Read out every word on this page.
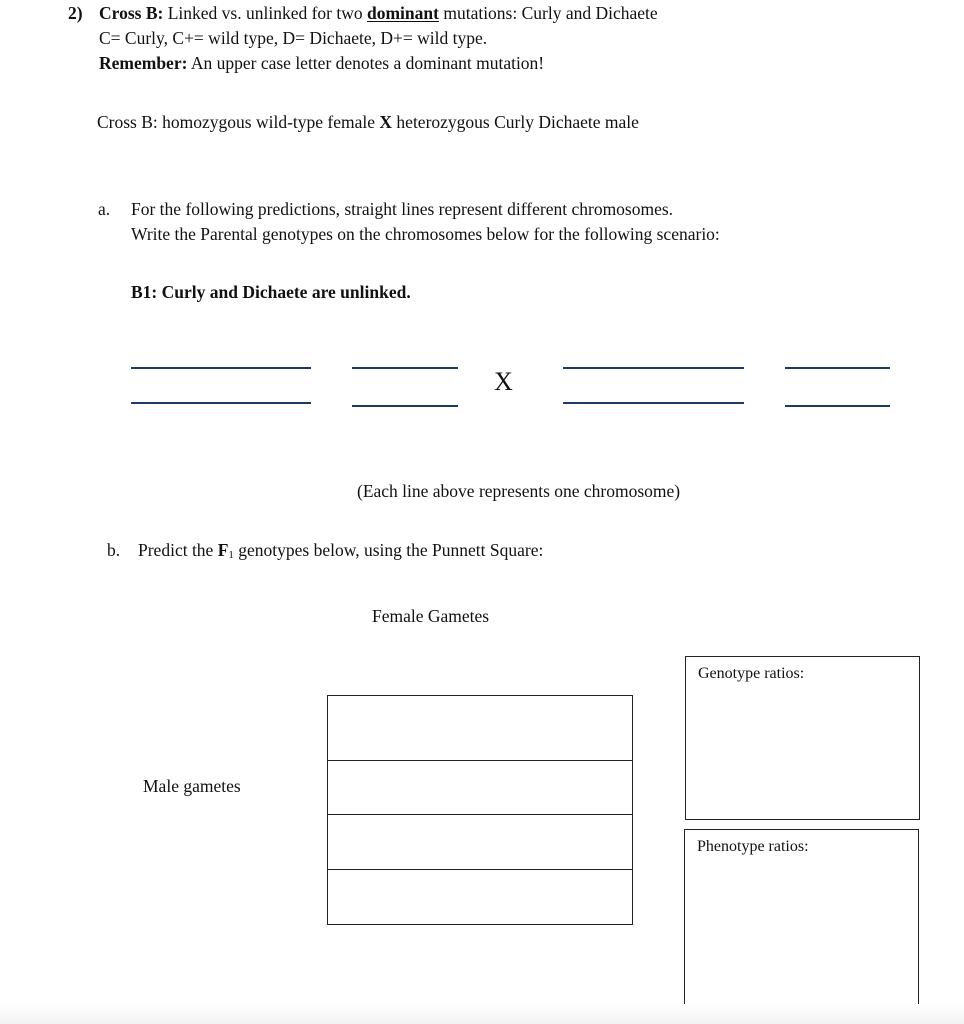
2) Cross B: Linked vs. unlinked for two dominant mutations: Curly and Dichaete
C= Curly, C+= wild type, D= Dichaete, D+= wild type.
Remember: An upper case letter denotes a dominant mutation!
Cross B: homozygous wild-type female X heterozygous Curly Dichaete male
a. For the following predictions, straight lines represent different chromosomes.
Write the Parental genotypes on the chromosomes below for the following scenario:
B1: Curly and Dichaete are unlinked.
X
(Each line above represents one chromosome)
b. Predict the F1 genotypes below, using the Punnett Square:
Female Gametes
Male gametes
Genotype ratios:
Phenotype ratios:
